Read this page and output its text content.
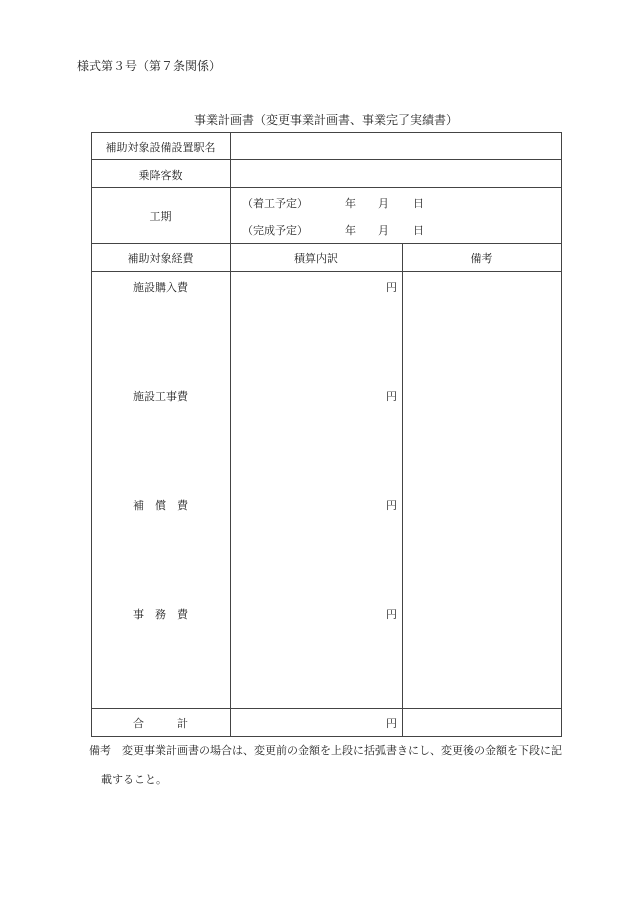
様式第３号（第７条関係）
事業計画書（変更事業計画書、事業完了実績書）
補助対象設備設置駅名
乗降客数
工期
（着工予定）	年 月 日
（完成予定）	年 月 日
補助対象経費	積算内訳	備考
施設購入費	円
施設工事費	円
補　償　費	円
事　務　費	円
合　　　計	円
備考　変更事業計画書の場合は、変更前の金額を上段に括弧書きにし、変更後の金額を下段に記
載すること。
